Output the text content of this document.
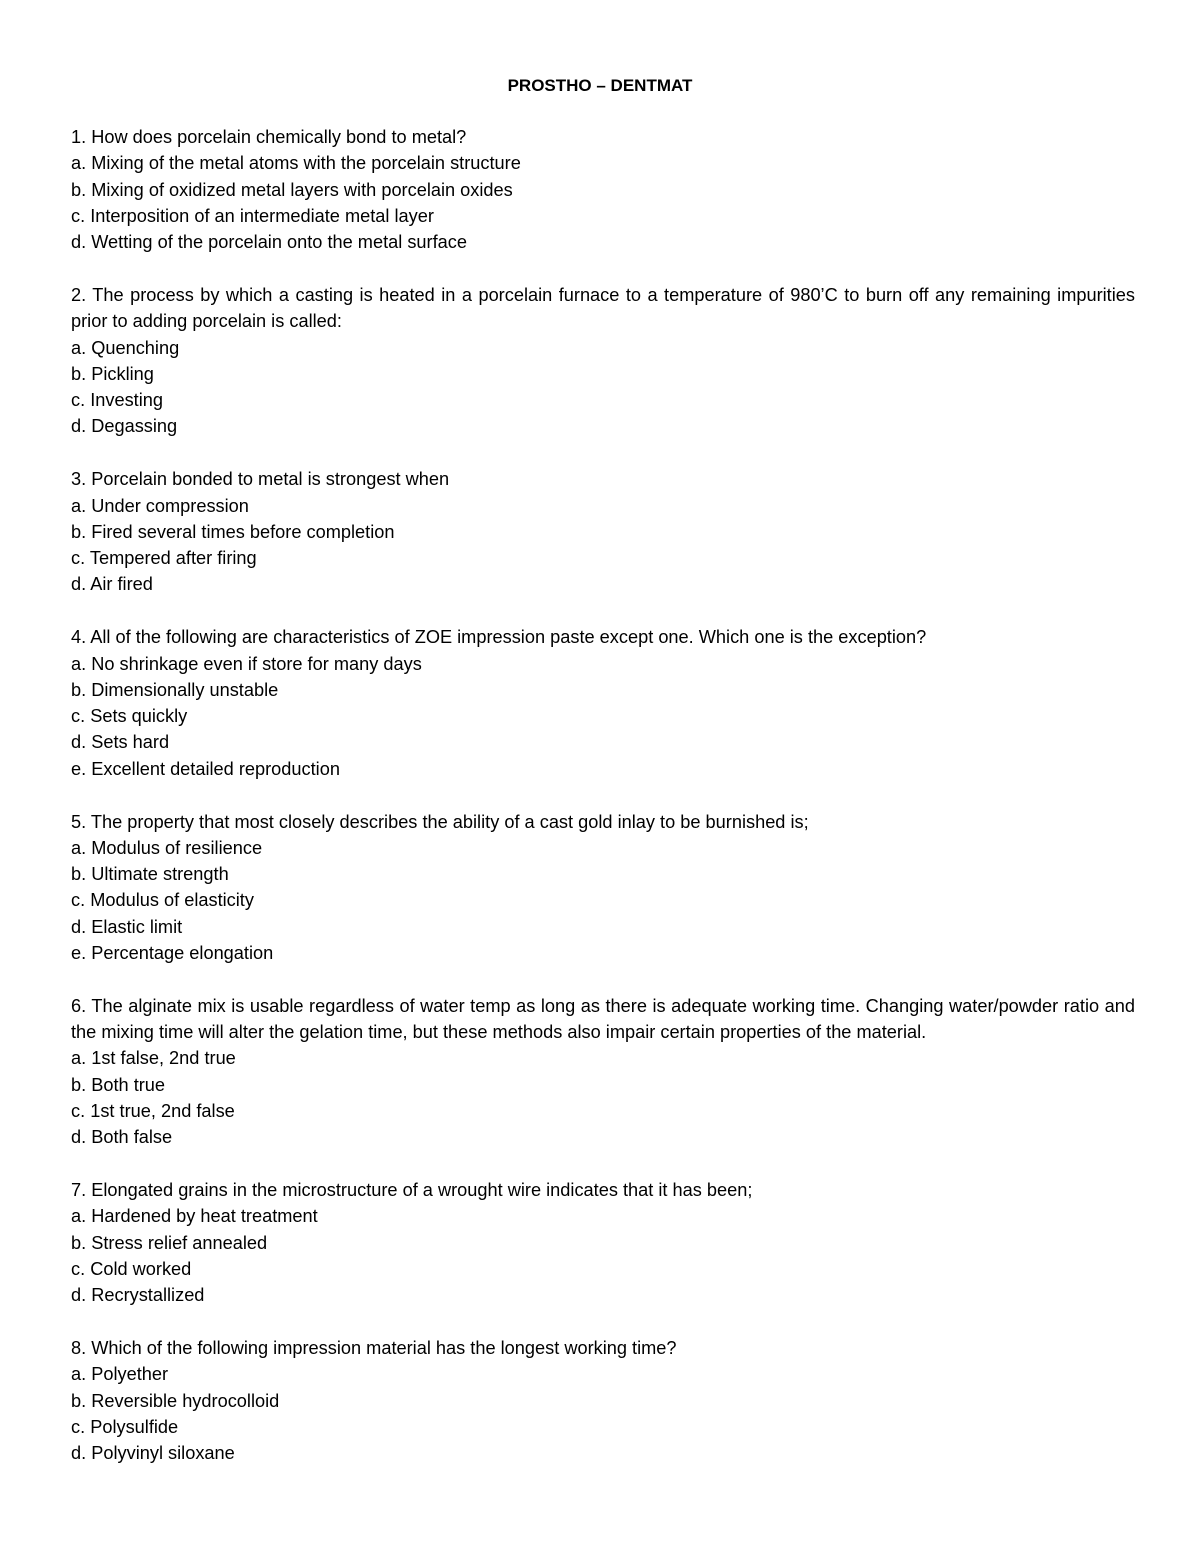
PROSTHO – DENTMAT

1. How does porcelain chemically bond to metal?

a. Mixing of the metal atoms with the porcelain structure

b. Mixing of oxidized metal layers with porcelain oxides

c. Interposition of an intermediate metal layer

d. Wetting of the porcelain onto the metal surface

2. The process by which a casting is heated in a porcelain furnace to a temperature of 980’C to burn off any remaining impurities prior to adding porcelain is called:

a. Quenching

b. Pickling

c. Investing

d. Degassing

3. Porcelain bonded to metal is strongest when

a. Under compression

b. Fired several times before completion

c. Tempered after firing

d. Air fired

4. All of the following are characteristics of ZOE impression paste except one. Which one is the exception?

a. No shrinkage even if store for many days

b. Dimensionally unstable

c. Sets quickly

d. Sets hard

e. Excellent detailed reproduction

5. The property that most closely describes the ability of a cast gold inlay to be burnished is;

a. Modulus of resilience

b. Ultimate strength

c. Modulus of elasticity

d. Elastic limit

e. Percentage elongation

6. The alginate mix is usable regardless of water temp as long as there is adequate working time. Changing water/powder ratio and the mixing time will alter the gelation time, but these methods also impair certain properties of the material.

a. 1st false, 2nd true

b. Both true

c. 1st true, 2nd false

d. Both false

7. Elongated grains in the microstructure of a wrought wire indicates that it has been;

a. Hardened by heat treatment

b. Stress relief annealed

c. Cold worked

d. Recrystallized

8. Which of the following impression material has the longest working time?

a. Polyether

b. Reversible hydrocolloid

c. Polysulfide

d. Polyvinyl siloxane
